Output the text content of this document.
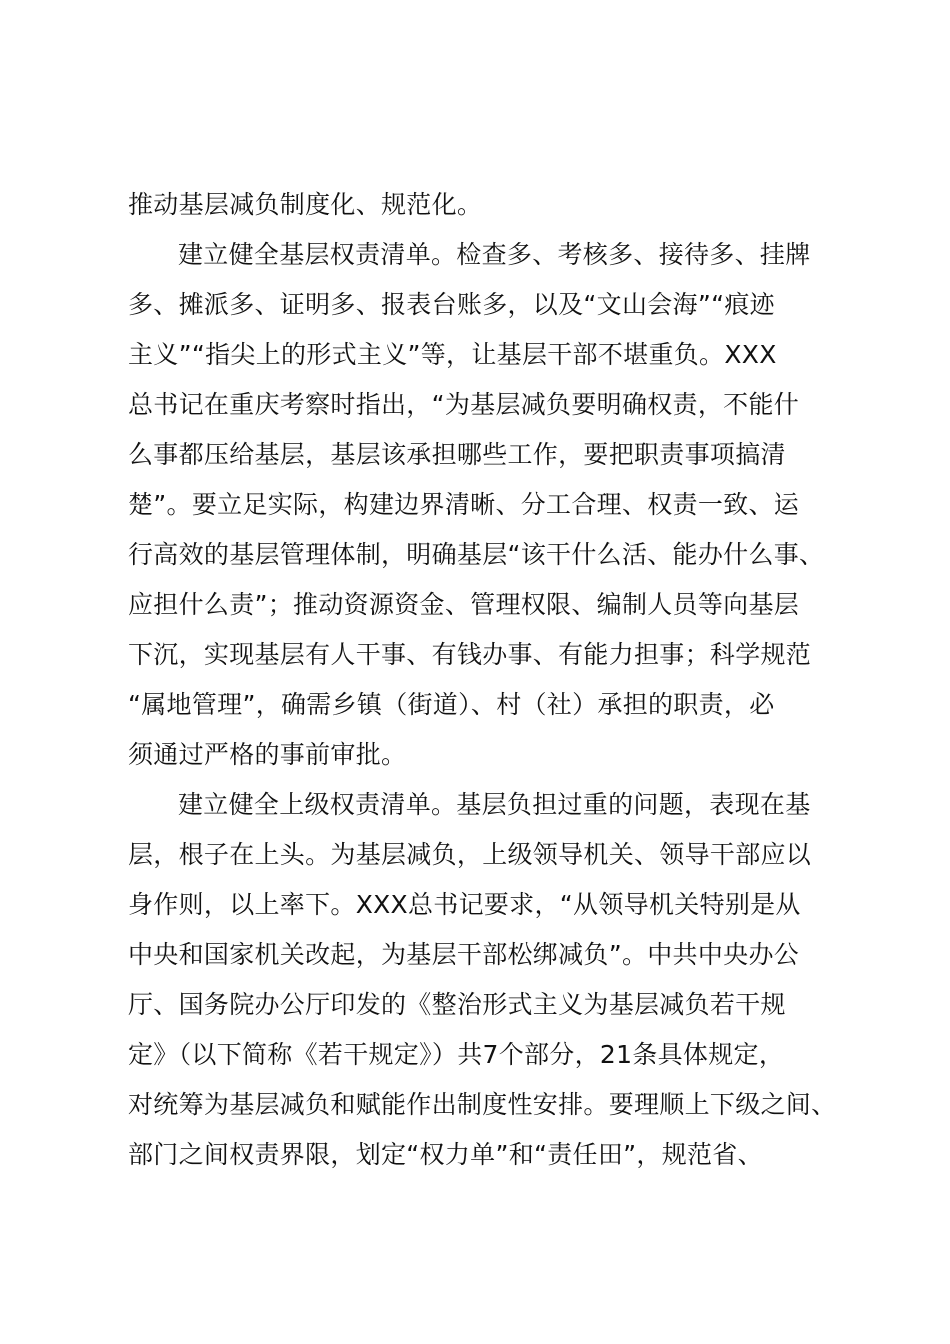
推动基层减负制度化、规范化。
建立健全基层权责清单。检查多、考核多、接待多、挂牌
多、摊派多、证明多、报表台账多，以及“文山会海”“痕迹
主义”“指尖上的形式主义”等，让基层干部不堪重负。XXX
总书记在重庆考察时指出，“为基层减负要明确权责，不能什
么事都压给基层，基层该承担哪些工作，要把职责事项搞清
楚”。要立足实际，构建边界清晰、分工合理、权责一致、运
行高效的基层管理体制，明确基层“该干什么活、能办什么事、
应担什么责”；推动资源资金、管理权限、编制人员等向基层
下沉，实现基层有人干事、有钱办事、有能力担事；科学规范
“属地管理”，确需乡镇（街道）、村（社）承担的职责，必
须通过严格的事前审批。
建立健全上级权责清单。基层负担过重的问题，表现在基
层，根子在上头。为基层减负，上级领导机关、领导干部应以
身作则，以上率下。XXX总书记要求，“从领导机关特别是从
中央和国家机关改起，为基层干部松绑减负”。中共中央办公
厅、国务院办公厅印发的《整治形式主义为基层减负若干规
定》（以下简称《若干规定》）共7个部分，21条具体规定，
对统筹为基层减负和赋能作出制度性安排。要理顺上下级之间、
部门之间权责界限，划定“权力单”和“责任田”，规范省、
